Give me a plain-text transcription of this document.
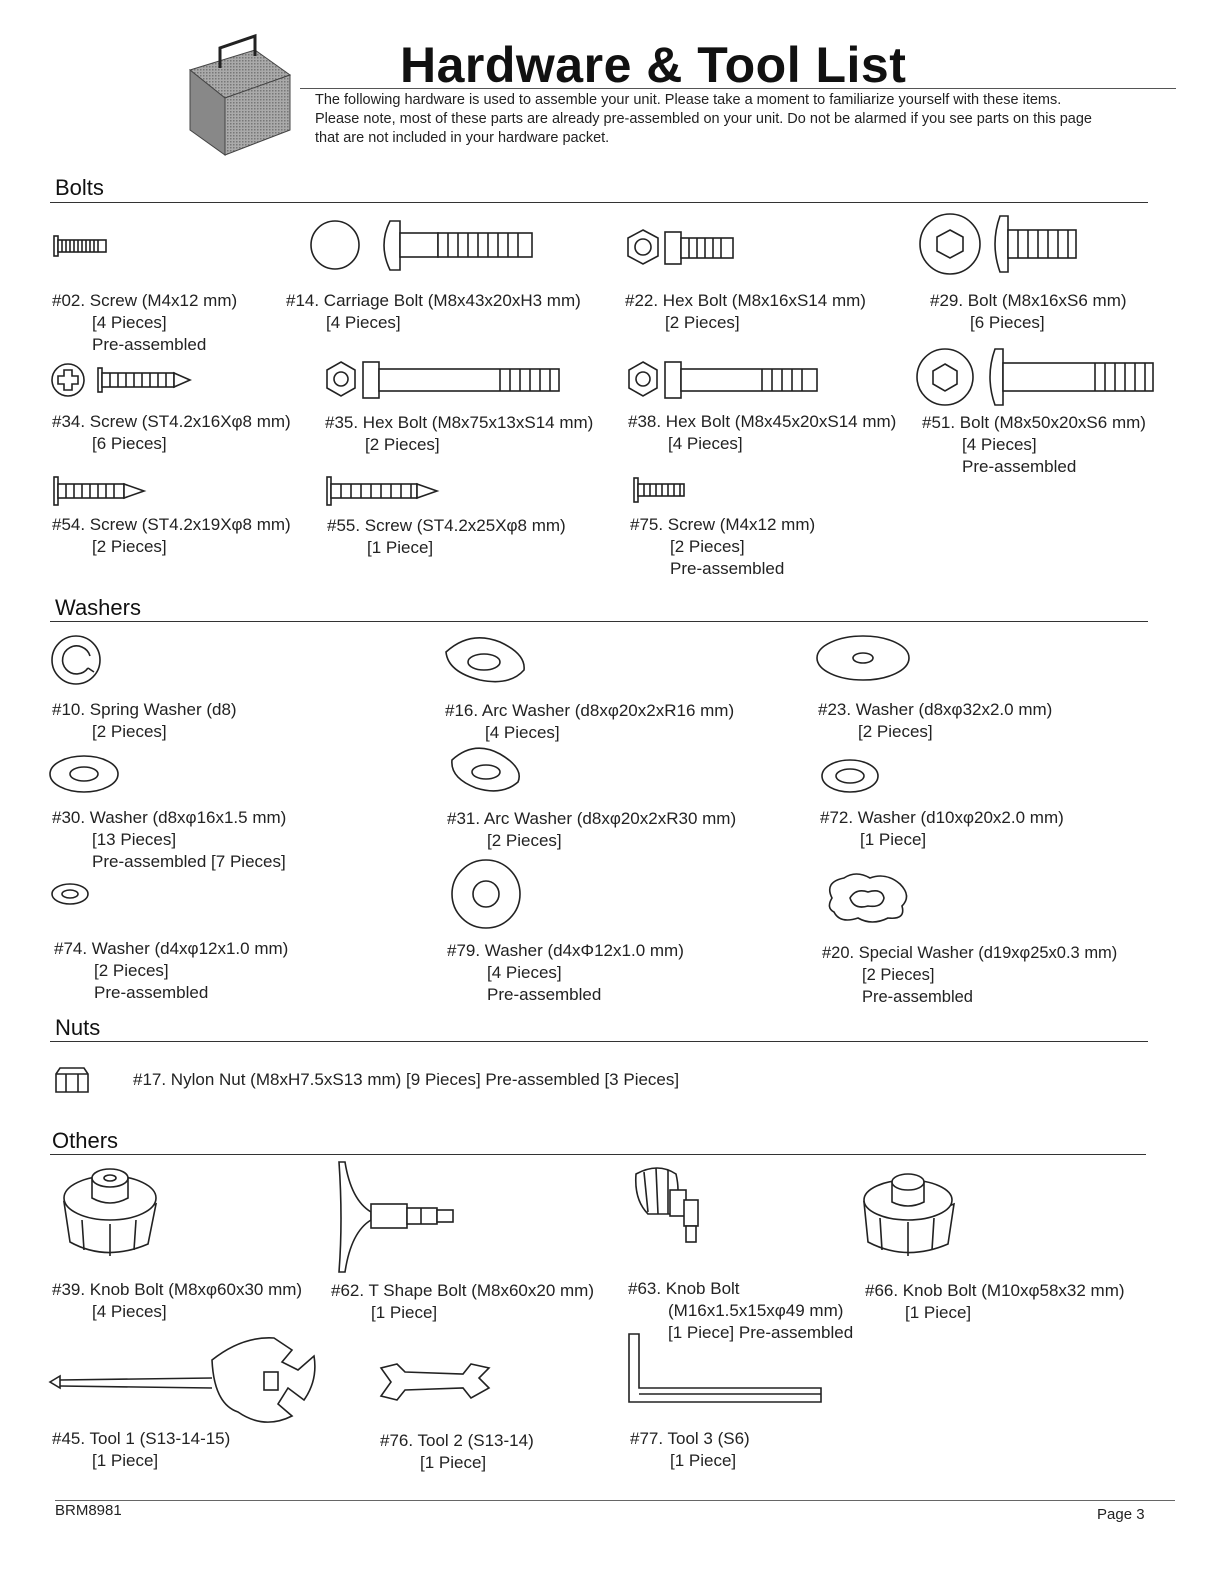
Hardware & Tool List
The following hardware is used to assemble your unit. Please take a moment to familiarize yourself with these items.
Please note, most of these parts are already pre-assembled on your unit. Do not be alarmed if you see parts on this page
that are not included in your hardware packet.
Bolts
#02. Screw (M4x12 mm)
[4 Pieces]
Pre-assembled
#14. Carriage Bolt (M8x43x20xH3 mm)
[4 Pieces]
#22. Hex Bolt (M8x16xS14 mm)
[2 Pieces]
#29. Bolt (M8x16xS6 mm)
[6 Pieces]
#34. Screw (ST4.2x16Xφ8 mm)
[6 Pieces]
#35. Hex Bolt (M8x75x13xS14 mm)
[2 Pieces]
#38. Hex Bolt (M8x45x20xS14 mm)
[4 Pieces]
#51. Bolt (M8x50x20xS6 mm)
[4 Pieces]
Pre-assembled
#54. Screw (ST4.2x19Xφ8 mm)
[2 Pieces]
#55. Screw (ST4.2x25Xφ8 mm)
[1 Piece]
#75. Screw (M4x12 mm)
[2 Pieces]
Pre-assembled
Washers
#10. Spring Washer (d8)
[2 Pieces]
#16. Arc Washer (d8xφ20x2xR16 mm)
[4 Pieces]
#23. Washer (d8xφ32x2.0 mm)
[2 Pieces]
#30. Washer (d8xφ16x1.5 mm)
[13 Pieces]
Pre-assembled [7 Pieces]
#31. Arc Washer (d8xφ20x2xR30 mm)
[2 Pieces]
#72. Washer (d10xφ20x2.0 mm)
[1 Piece]
#74. Washer (d4xφ12x1.0 mm)
[2 Pieces]
Pre-assembled
#79. Washer (d4xΦ12x1.0 mm)
[4 Pieces]
Pre-assembled
#20. Special Washer (d19xφ25x0.3 mm)
[2 Pieces]
Pre-assembled
Nuts
#17. Nylon Nut (M8xH7.5xS13 mm) [9 Pieces] Pre-assembled [3 Pieces]
Others
#39. Knob Bolt (M8xφ60x30 mm)
[4 Pieces]
#62. T Shape Bolt (M8x60x20 mm)
[1 Piece]
#63. Knob Bolt
(M16x1.5x15xφ49 mm)
[1 Piece] Pre-assembled
#66. Knob Bolt (M10xφ58x32 mm)
[1 Piece]
#45. Tool 1 (S13-14-15)
[1 Piece]
#76. Tool 2 (S13-14)
[1 Piece]
#77. Tool 3 (S6)
[1 Piece]
BRM8981	Page 3
